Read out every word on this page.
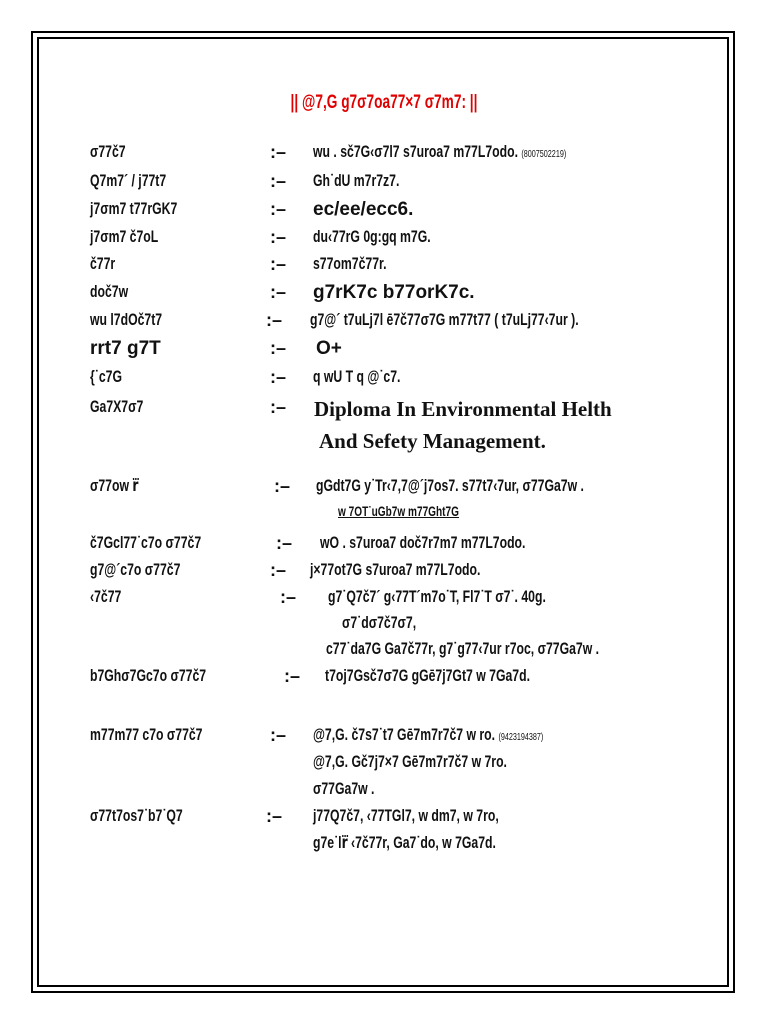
|| @7,G g7σ7oa77×7 σ7m7: ||
σ77č7	:– wu . sč7G‹σ7l7 s7uroa7 m77L7odo. (8007502219)
Q7m7´ / j77t7	:– Gh˙dU m7r7z7.
j7σm7 t77rGK7	:– ec/ee/ecc6.
j7σm7 č7oL	:– du‹77rG 0g:gq m7G.
č77r	:– s77om7č77r.
doč7w	:– g7rK7c b77orK7c.
wu l7dOč7t7	:– g7@´ t7uLj7l ē7č77σ7G m77t77 ( t7uLj77‹7ur ).
rrt7 g7T	:– O+
{˙c7G	:– q wU T q @˙c7.
Ga7X7σ7	:– Diploma In Environmental Helth
And Sefety Management.
σ77ow r⃛	:– gGdt7G y˙Tr‹7,7@´j7os7. s77t7‹7ur, σ77Ga7w .
w 7OT˙uGb7w m77Ght7G
č7Gcl77˙c7o σ77č7	:– wO . s7uroa7 doč7r7m7 m77L7odo.
g7@´c7o σ77č7	:– j×77ot7G s7uroa7 m77L7odo.
‹7č77	:– g7˙Q7č7´ g‹77T´m7o˙T, Fl7˙T σ7˙. 40g.
σ7˙dσ7č7σ7,
c77˙da7G Ga7č77r, g7˙g77‹7ur r7oc, σ77Ga7w .
b7Ghσ7Gc7o σ77č7	:– t7oj7Gsč7σ7G gGē7j7Gt7 w 7Ga7d.
m77m77 c7o σ77č7	:– @7,G. č7s7˙t7 Gē7m7r7č7 w ro. (9423194387)
@7,G. Gč7j7×7 Gē7m7r7č7 w 7ro.
σ77Ga7w .
σ77t7os7˙b7˙Q7	:– j77Q7č7, ‹77TGl7, w dm7, w 7ro,
g7e˙lr⃛ ‹7č77r, Ga7˙do, w 7Ga7d.
